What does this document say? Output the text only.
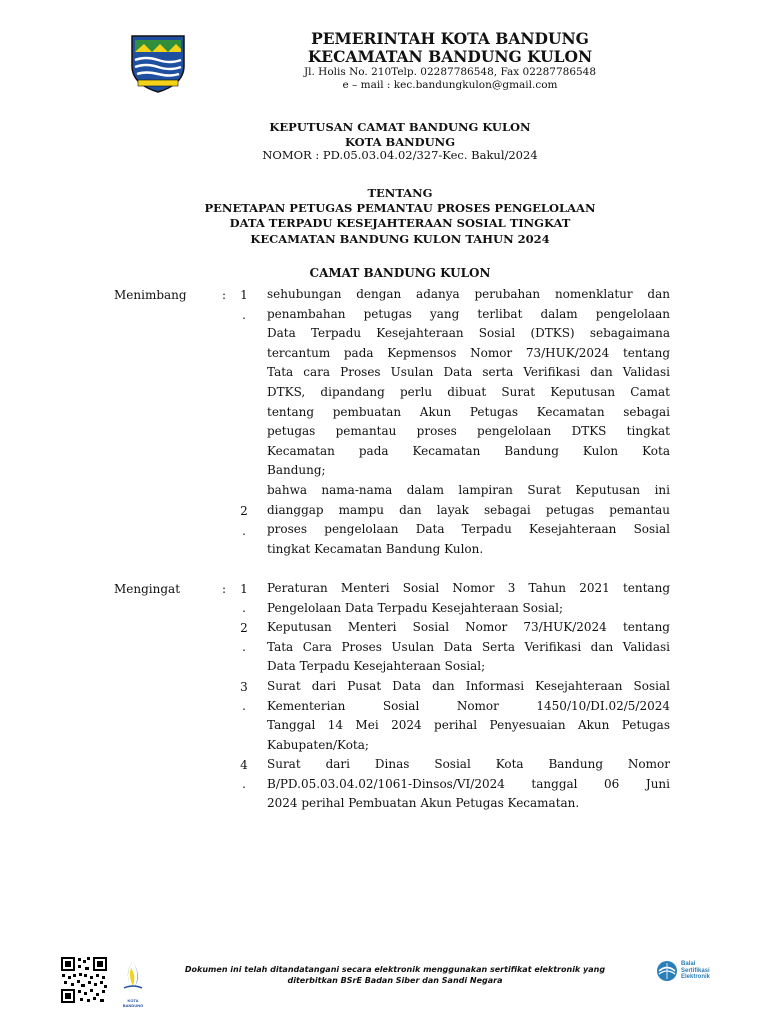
PEMERINTAH KOTA BANDUNG
KECAMATAN BANDUNG KULON
Jl. Holis No. 210Telp. 02287786548, Fax 02287786548
e – mail : kec.bandungkulon@gmail.com
KEPUTUSAN CAMAT BANDUNG KULON
KOTA BANDUNG
NOMOR : PD.05.03.04.02/327-Kec. Bakul/2024
TENTANG
PENETAPAN PETUGAS PEMANTAU PROSES PENGELOLAAN
DATA TERPADU KESEJAHTERAAN SOSIAL TINGKAT
KECAMATAN BANDUNG KULON TAHUN 2024
CAMAT BANDUNG KULON
Menimbang	: 1
.
sehubungan dengan adanya perubahan nomenklatur dan
penambahan petugas yang terlibat dalam pengelolaan
Data Terpadu Kesejahteraan Sosial (DTKS) sebagaimana
tercantum pada Kepmensos Nomor 73/HUK/2024 tentang
Tata cara Proses Usulan Data serta Verifikasi dan Validasi
DTKS, dipandang perlu dibuat Surat Keputusan Camat
tentang pembuatan Akun Petugas Kecamatan sebagai
petugas pemantau proses pengelolaan DTKS tingkat
Kecamatan pada Kecamatan Bandung Kulon Kota
Bandung;
2
.
bahwa nama-nama dalam lampiran Surat Keputusan ini
dianggap mampu dan layak sebagai petugas pemantau
proses pengelolaan Data Terpadu Kesejahteraan Sosial
tingkat Kecamatan Bandung Kulon.
Mengingat	: 1
.
Peraturan Menteri Sosial Nomor 3 Tahun 2021 tentang
Pengelolaan Data Terpadu Kesejahteraan Sosial;
2
.
Keputusan Menteri Sosial Nomor 73/HUK/2024 tentang
Tata Cara Proses Usulan Data Serta Verifikasi dan Validasi
Data Terpadu Kesejahteraan Sosial;
3
.
Surat dari Pusat Data dan Informasi Kesejahteraan Sosial
Kementerian Sosial Nomor 1450/10/DI.02/5/2024
Tanggal 14 Mei 2024 perihal Penyesuaian Akun Petugas
Kabupaten/Kota;
4
.
Surat dari Dinas Sosial Kota Bandung Nomor
B/PD.05.03.04.02/1061-Dinsos/VI/2024 tanggal 06 Juni
2024 perihal Pembuatan Akun Petugas Kecamatan.
KOTA BANDUNG
Dokumen ini telah ditandatangani secara elektronik menggunakan sertifikat elektronik yang
diterbitkan BSrE Badan Siber dan Sandi Negara
Balai
Sertifikasi
Elektronik
